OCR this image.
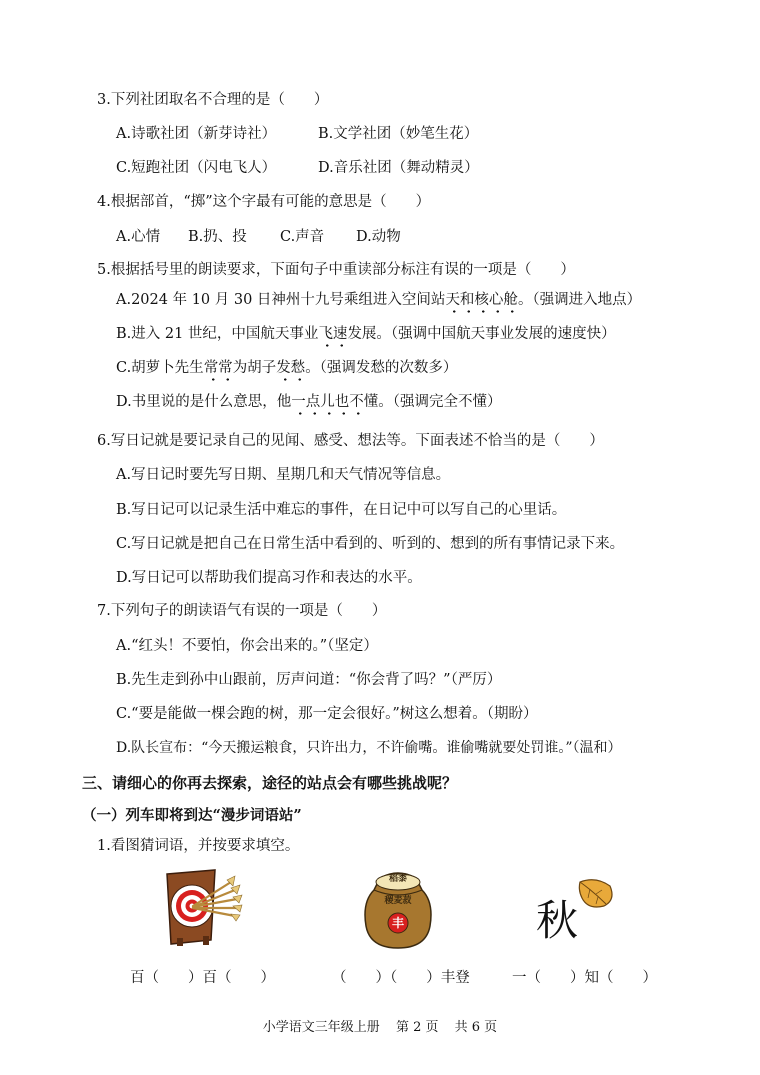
3.下列社团取名不合理的是（　　）
A.诗歌社团（新芽诗社）	B.文学社团（妙笔生花）
C.短跑社团（闪电飞人）	D.音乐社团（舞动精灵）
4.根据部首，“掷”这个字最有可能的意思是（　　）
A.心情 B.扔、投 C.声音 D.动物
5.根据括号里的朗读要求，下面句子中重读部分标注有误的一项是（　　）
A.2024 年 10 月 30 日神州十九号乘组进入空间站天和核心舱。（强调进入地点）
B.进入 21 世纪，中国航天事业飞速发展。（强调中国航天事业发展的速度快）
C.胡萝卜先生常常为胡子发愁。（强调发愁的次数多）
D.书里说的是什么意思，他一点儿也不懂。（强调完全不懂）
6.写日记就是要记录自己的见闻、感受、想法等。下面表述不恰当的是（　　）
A.写日记时要先写日期、星期几和天气情况等信息。
B.写日记可以记录生活中难忘的事件，在日记中可以写自己的心里话。
C.写日记就是把自己在日常生活中看到的、听到的、想到的所有事情记录下来。
D.写日记可以帮助我们提高习作和表达的水平。
7.下列句子的朗读语气有误的一项是（　　）
A.“红头！不要怕，你会出来的。”（坚定）
B.先生走到孙中山跟前，厉声问道：“你会背了吗？”（严厉）
C.“要是能做一棵会跑的树，那一定会很好。”树这么想着。（期盼）
D.队长宣布：“今天搬运粮食，只许出力，不许偷嘴。谁偷嘴就要处罚谁。”（温和）
三、请细心的你再去探索，途径的站点会有哪些挑战呢？
（一）列车即将到达“漫步词语站”
1.看图猜词语，并按要求填空。
稻黍
稷麦菽
丰	秋
百（　　）百（　　）	（　　）（　　）丰登	一（　　）知（　　）
小学语文三年级上册 第 2 页 共 6 页
